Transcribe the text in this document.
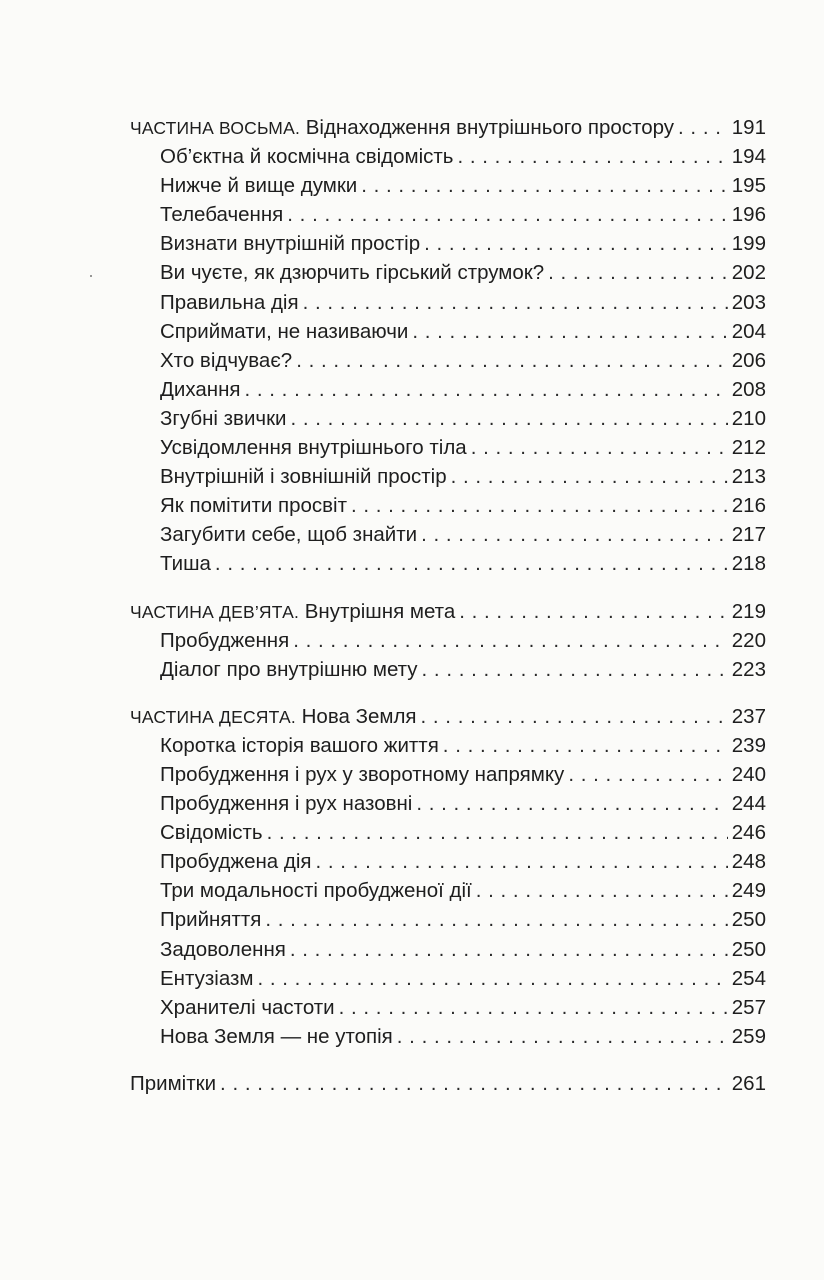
ЧАСТИНА ВОСЬМА. Віднаходження внутрішнього простору . . .	191
Об’єктна й космічна свідомість . . .	194
Нижче й вище думки . . .	195
Телебачення . . .	196
Визнати внутрішній простір . . .	199
Ви чуєте, як дзюрчить гірський струмок? . . .	202
Правильна дія . . .	203
Сприймати, не називаючи . . .	204
Хто відчуває? . . .	206
Дихання . . .	208
Згубні звички . . .	210
Усвідомлення внутрішнього тіла . . .	212
Внутрішній і зовнішній простір . . .	213
Як помітити просвіт . . .	216
Загубити себе, щоб знайти . . .	217
Тиша . . .	218
ЧАСТИНА ДЕВ’ЯТА. Внутрішня мета . . .	219
Пробудження . . .	220
Діалог про внутрішню мету . . .	223
ЧАСТИНА ДЕСЯТА. Нова Земля . . .	237
Коротка історія вашого життя . . .	239
Пробудження і рух у зворотному напрямку . . .	240
Пробудження і рух назовні . . .	244
Свідомість . . .	246
Пробуджена дія . . .	248
Три модальності пробудженої дії . . .	249
Прийняття . . .	250
Задоволення . . .	250
Ентузіазм . . .	254
Хранителі частоти . . .	257
Нова Земля — не утопія . . .	259
Примітки . . .	261
